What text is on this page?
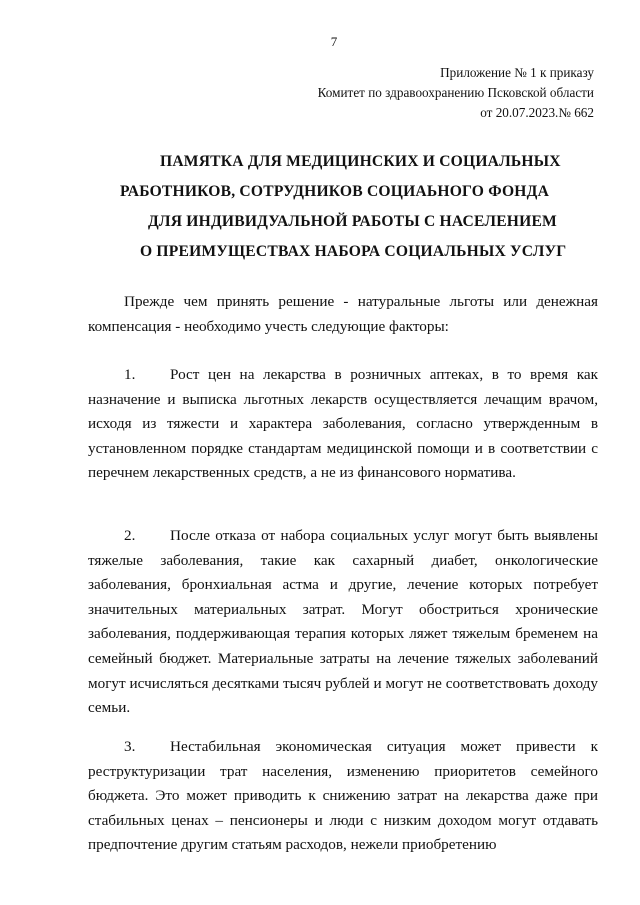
7
Приложение № 1 к приказу
Комитет по здравоохранению Псковской области
от 20.07.2023.№ 662
ПАМЯТКА ДЛЯ МЕДИЦИНСКИХ И СОЦИАЛЬНЫХ
РАБОТНИКОВ, СОТРУДНИКОВ СОЦИАЬНОГО ФОНДА
ДЛЯ ИНДИВИДУАЛЬНОЙ РАБОТЫ С НАСЕЛЕНИЕМ
О ПРЕИМУЩЕСТВАХ НАБОРА СОЦИАЛЬНЫХ УСЛУГ
Прежде чем принять решение - натуральные льготы или денежная компенсация - необходимо учесть следующие факторы:
1. Рост цен на лекарства в розничных аптеках, в то время как назначение и выписка льготных лекарств осуществляется лечащим врачом, исходя из тяжести и характера заболевания, согласно утвержденным в установленном порядке стандартам медицинской помощи и в соответствии с перечнем лекарственных средств, а не из финансового норматива.
2. После отказа от набора социальных услуг могут быть выявлены тяжелые заболевания, такие как сахарный диабет, онкологические заболевания, бронхиальная астма и другие, лечение которых потребует значительных материальных затрат. Могут обостриться хронические заболевания, поддерживающая терапия которых ляжет тяжелым бременем на семейный бюджет. Материальные затраты на лечение тяжелых заболеваний могут исчисляться десятками тысяч рублей и могут не соответствовать доходу семьи.
3. Нестабильная экономическая ситуация может привести к реструктуризации трат населения, изменению приоритетов семейного бюджета. Это может приводить к снижению затрат на лекарства даже при стабильных ценах – пенсионеры и люди с низким доходом могут отдавать предпочтение другим статьям расходов, нежели приобретению
